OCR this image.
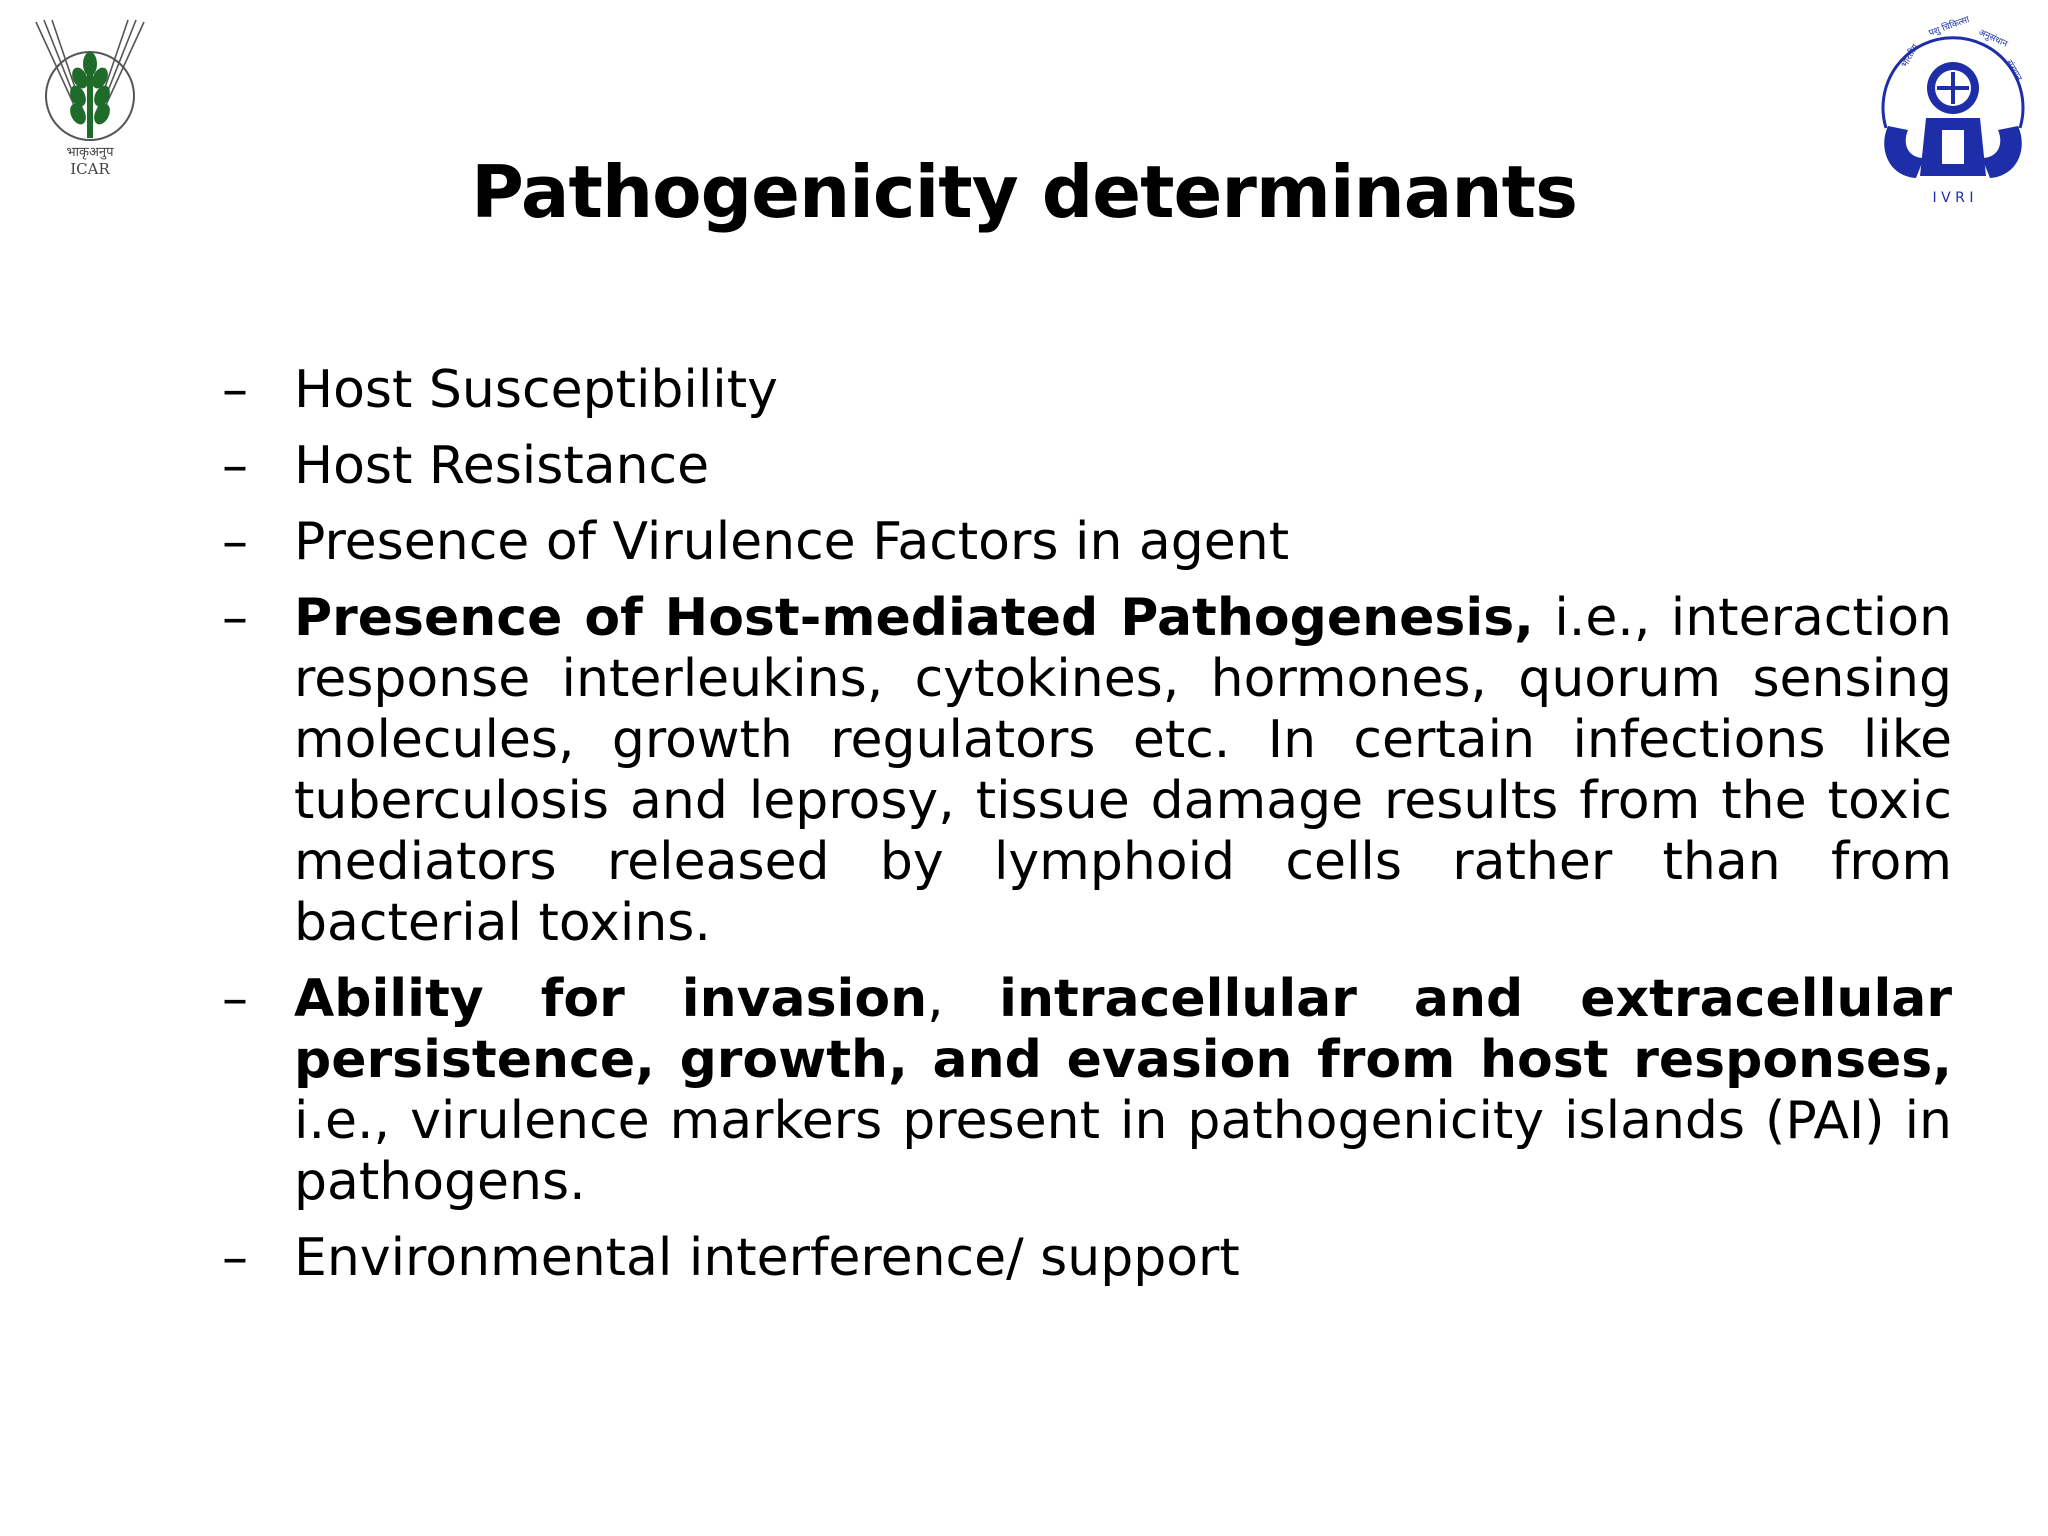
भाकृअनुप
ICAR
भारतीय
पशु चिकित्सा अनुसंधान
संस्थान
I V R I
Pathogenicity determinants
– Host Susceptibility
– Host Resistance
– Presence of Virulence Factors in agent
– Presence of Host-mediated Pathogenesis, i.e., interaction response interleukins, cytokines, hormones, quorum sensing molecules, growth regulators etc. In certain infections like tuberculosis and leprosy, tissue damage results from the toxic mediators released by lymphoid cells rather than from bacterial toxins.
– Ability for invasion, intracellular and extracellular persistence, growth, and evasion from host responses, i.e., virulence markers present in pathogenicity islands (PAI) in pathogens.
– Environmental interference/ support
